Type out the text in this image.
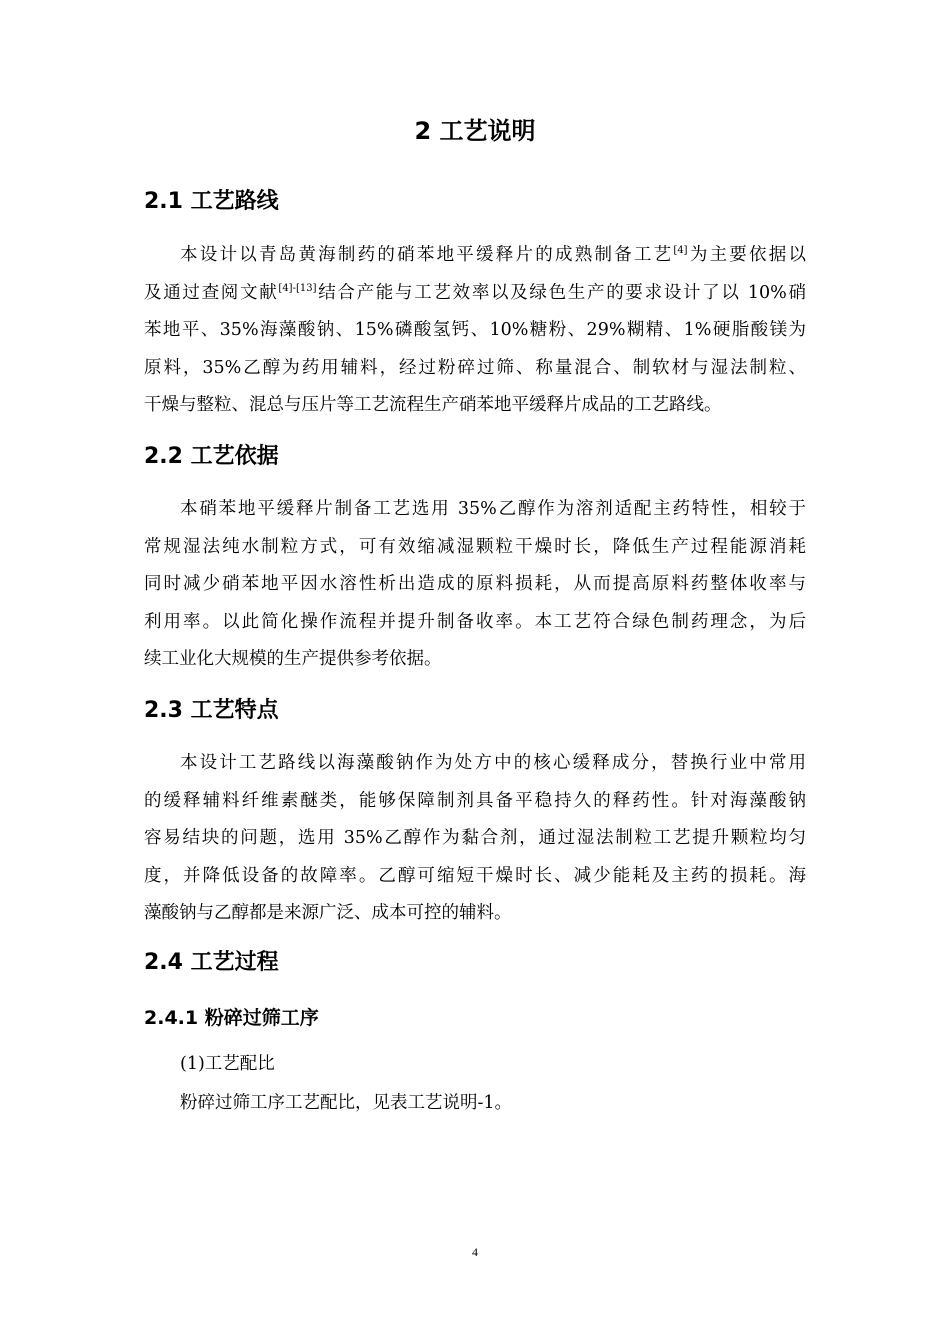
2 工艺说明
2.1 工艺路线
本设计以青岛黄海制药的硝苯地平缓释片的成熟制备工艺[4]为主要依据以
及通过查阅文献[4]-[13]结合产能与工艺效率以及绿色生产的要求设计了以 10%硝
苯地平、35%海藻酸钠、15%磷酸氢钙、10%糖粉、29%糊精、1%硬脂酸镁为
原料，35%乙醇为药用辅料，经过粉碎过筛、称量混合、制软材与湿法制粒、
干燥与整粒、混总与压片等工艺流程生产硝苯地平缓释片成品的工艺路线。
2.2 工艺依据
本硝苯地平缓释片制备工艺选用 35%乙醇作为溶剂适配主药特性，相较于
常规湿法纯水制粒方式，可有效缩减湿颗粒干燥时长，降低生产过程能源消耗
同时减少硝苯地平因水溶性析出造成的原料损耗，从而提高原料药整体收率与
利用率。以此简化操作流程并提升制备收率。本工艺符合绿色制药理念，为后
续工业化大规模的生产提供参考依据。
2.3 工艺特点
本设计工艺路线以海藻酸钠作为处方中的核心缓释成分，替换行业中常用
的缓释辅料纤维素醚类，能够保障制剂具备平稳持久的释药性。针对海藻酸钠
容易结块的问题，选用 35%乙醇作为黏合剂，通过湿法制粒工艺提升颗粒均匀
度，并降低设备的故障率。乙醇可缩短干燥时长、减少能耗及主药的损耗。海
藻酸钠与乙醇都是来源广泛、成本可控的辅料。
2.4 工艺过程
2.4.1 粉碎过筛工序
(1)工艺配比
粉碎过筛工序工艺配比，见表工艺说明-1。
4
